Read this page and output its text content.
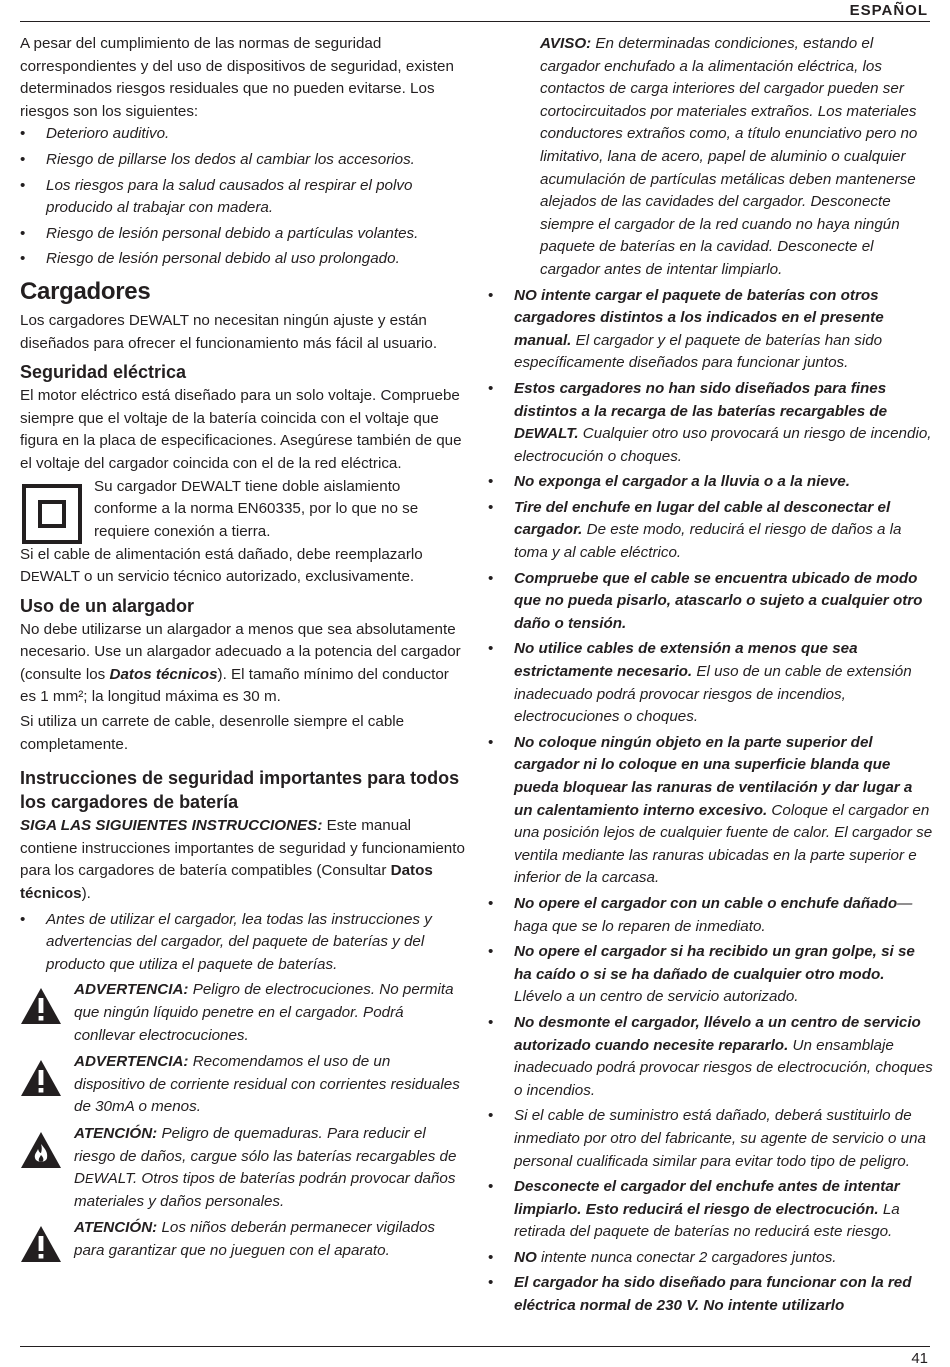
ESPAÑOL

A pesar del cumplimiento de las normas de seguridad correspondientes y del uso de dispositivos de seguridad, existen determinados riesgos residuales que no pueden evitarse. Los riesgos son los siguientes:

• Deterioro auditivo.
• Riesgo de pillarse los dedos al cambiar los accesorios.
• Los riesgos para la salud causados al respirar el polvo producido al trabajar con madera.
• Riesgo de lesión personal debido a partículas volantes.
• Riesgo de lesión personal debido al uso prolongado.
Cargadores

Los cargadores DEWALT no necesitan ningún ajuste y están diseñados para ofrecer el funcionamiento más fácil al usuario.

Seguridad eléctrica

El motor eléctrico está diseñado para un solo voltaje. Compruebe siempre que el voltaje de la batería coincida con el voltaje que figura en la placa de especificaciones. Asegúrese también de que el voltaje del cargador coincida con el de la red eléctrica.

Su cargador DEWALT tiene doble aislamiento conforme a la norma EN60335, por lo que no se requiere conexión a tierra.

Si el cable de alimentación está dañado, debe reemplazarlo DEWALT o un servicio técnico autorizado, exclusivamente.

Uso de un alargador

No debe utilizarse un alargador a menos que sea absolutamente necesario. Use un alargador adecuado a la potencia del cargador (consulte los Datos técnicos). El tamaño mínimo del conductor es 1 mm²; la longitud máxima es 30 m.

Si utiliza un carrete de cable, desenrolle siempre el cable completamente.

Instrucciones de seguridad importantes para todos los cargadores de batería

SIGA LAS SIGUIENTES INSTRUCCIONES: Este manual contiene instrucciones importantes de seguridad y funcionamiento para los cargadores de batería compatibles (Consultar Datos técnicos).

• Antes de utilizar el cargador, lea todas las instrucciones y advertencias del cargador, del paquete de baterías y del producto que utiliza el paquete de baterías.

ADVERTENCIA: Peligro de electrocuciones. No permita que ningún líquido penetre en el cargador. Podrá conllevar electrocuciones.

ADVERTENCIA: Recomendamos el uso de un dispositivo de corriente residual con corrientes residuales de 30mA o menos.

ATENCIÓN: Peligro de quemaduras. Para reducir el riesgo de daños, cargue sólo las baterías recargables de DEWALT. Otros tipos de baterías podrán provocar daños materiales y daños personales.

ATENCIÓN: Los niños deberán permanecer vigilados para garantizar que no jueguen con el aparato.

AVISO: En determinadas condiciones, estando el cargador enchufado a la alimentación eléctrica, los contactos de carga interiores del cargador pueden ser cortocircuitados por materiales extraños. Los materiales conductores extraños como, a título enunciativo pero no limitativo, lana de acero, papel de aluminio o cualquier acumulación de partículas metálicas deben mantenerse alejados de las cavidades del cargador. Desconecte siempre el cargador de la red cuando no haya ningún paquete de baterías en la cavidad. Desconecte el cargador antes de intentar limpiarlo.

• NO intente cargar el paquete de baterías con otros cargadores distintos a los indicados en el presente manual. El cargador y el paquete de baterías han sido específicamente diseñados para funcionar juntos.
• Estos cargadores no han sido diseñados para fines distintos a la recarga de las baterías recargables de DEWALT. Cualquier otro uso provocará un riesgo de incendio, electrocución o choques.
• No exponga el cargador a la lluvia o a la nieve.
• Tire del enchufe en lugar del cable al desconectar el cargador. De este modo, reducirá el riesgo de daños a la toma y al cable eléctrico.
• Compruebe que el cable se encuentra ubicado de modo que no pueda pisarlo, atascarlo o sujeto a cualquier otro daño o tensión.
• No utilice cables de extensión a menos que sea estrictamente necesario. El uso de un cable de extensión inadecuado podrá provocar riesgos de incendios, electrocuciones o choques.
• No coloque ningún objeto en la parte superior del cargador ni lo coloque en una superficie blanda que pueda bloquear las ranuras de ventilación y dar lugar a un calentamiento interno excesivo. Coloque el cargador en una posición lejos de cualquier fuente de calor. El cargador se ventila mediante las ranuras ubicadas en la parte superior e inferior de la carcasa.
• No opere el cargador con un cable o enchufe dañado—haga que se lo reparen de inmediato.
• No opere el cargador si ha recibido un gran golpe, si se ha caído o si se ha dañado de cualquier otro modo. Llévelo a un centro de servicio autorizado.
• No desmonte el cargador, llévelo a un centro de servicio autorizado cuando necesite repararlo. Un ensamblaje inadecuado podrá provocar riesgos de electrocución, choques o incendios.
• Si el cable de suministro está dañado, deberá sustituirlo de inmediato por otro del fabricante, su agente de servicio o una personal cualificada similar para evitar todo tipo de peligro.
• Desconecte el cargador del enchufe antes de intentar limpiarlo. Esto reducirá el riesgo de electrocución. La retirada del paquete de baterías no reducirá este riesgo.
• NO intente nunca conectar 2 cargadores juntos.
• El cargador ha sido diseñado para funcionar con la red eléctrica normal de 230 V. No intente utilizarlo
41
